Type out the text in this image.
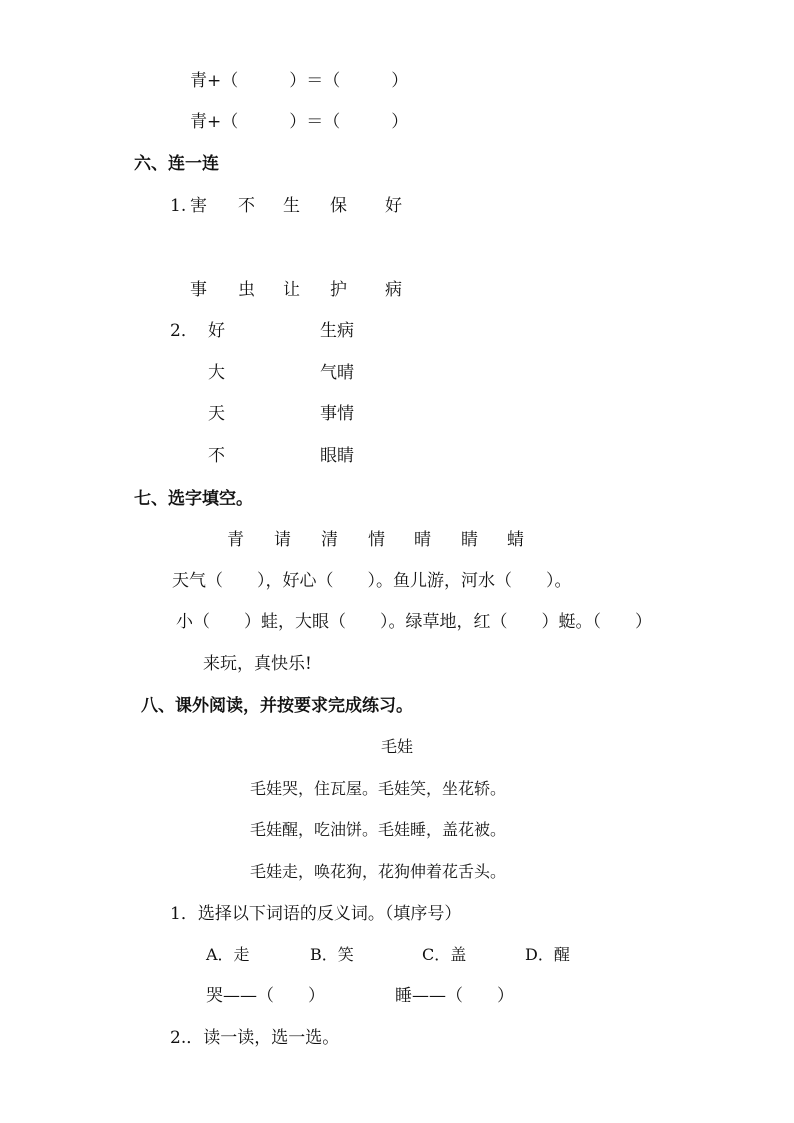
青+（　　　）＝（　　　）
青+（　　　）＝（　　　）
六、连一连
1. 害 不 生 保 好
事 虫 让 护 病
2． 好	生病
大	气晴
天	事情
不	眼睛
七、选字填空。
青 请 清 情 晴 睛 蜻
天气（　　），好心（　　）。鱼儿游，河水（　　）。
小（　　）蛙，大眼（　　）。绿草地，红（　　）蜓。（　　）
来玩，真快乐!
八、课外阅读，并按要求完成练习。
毛娃
毛娃哭，住瓦屋。毛娃笑，坐花轿。
毛娃醒，吃油饼。毛娃睡，盖花被。
毛娃走，唤花狗，花狗伸着花舌头。
1．选择以下词语的反义词。（填序号）
A．走	B．笑	C．盖	D．醒
哭——（　　）	睡——（　　）
2.．读一读，选一选。
